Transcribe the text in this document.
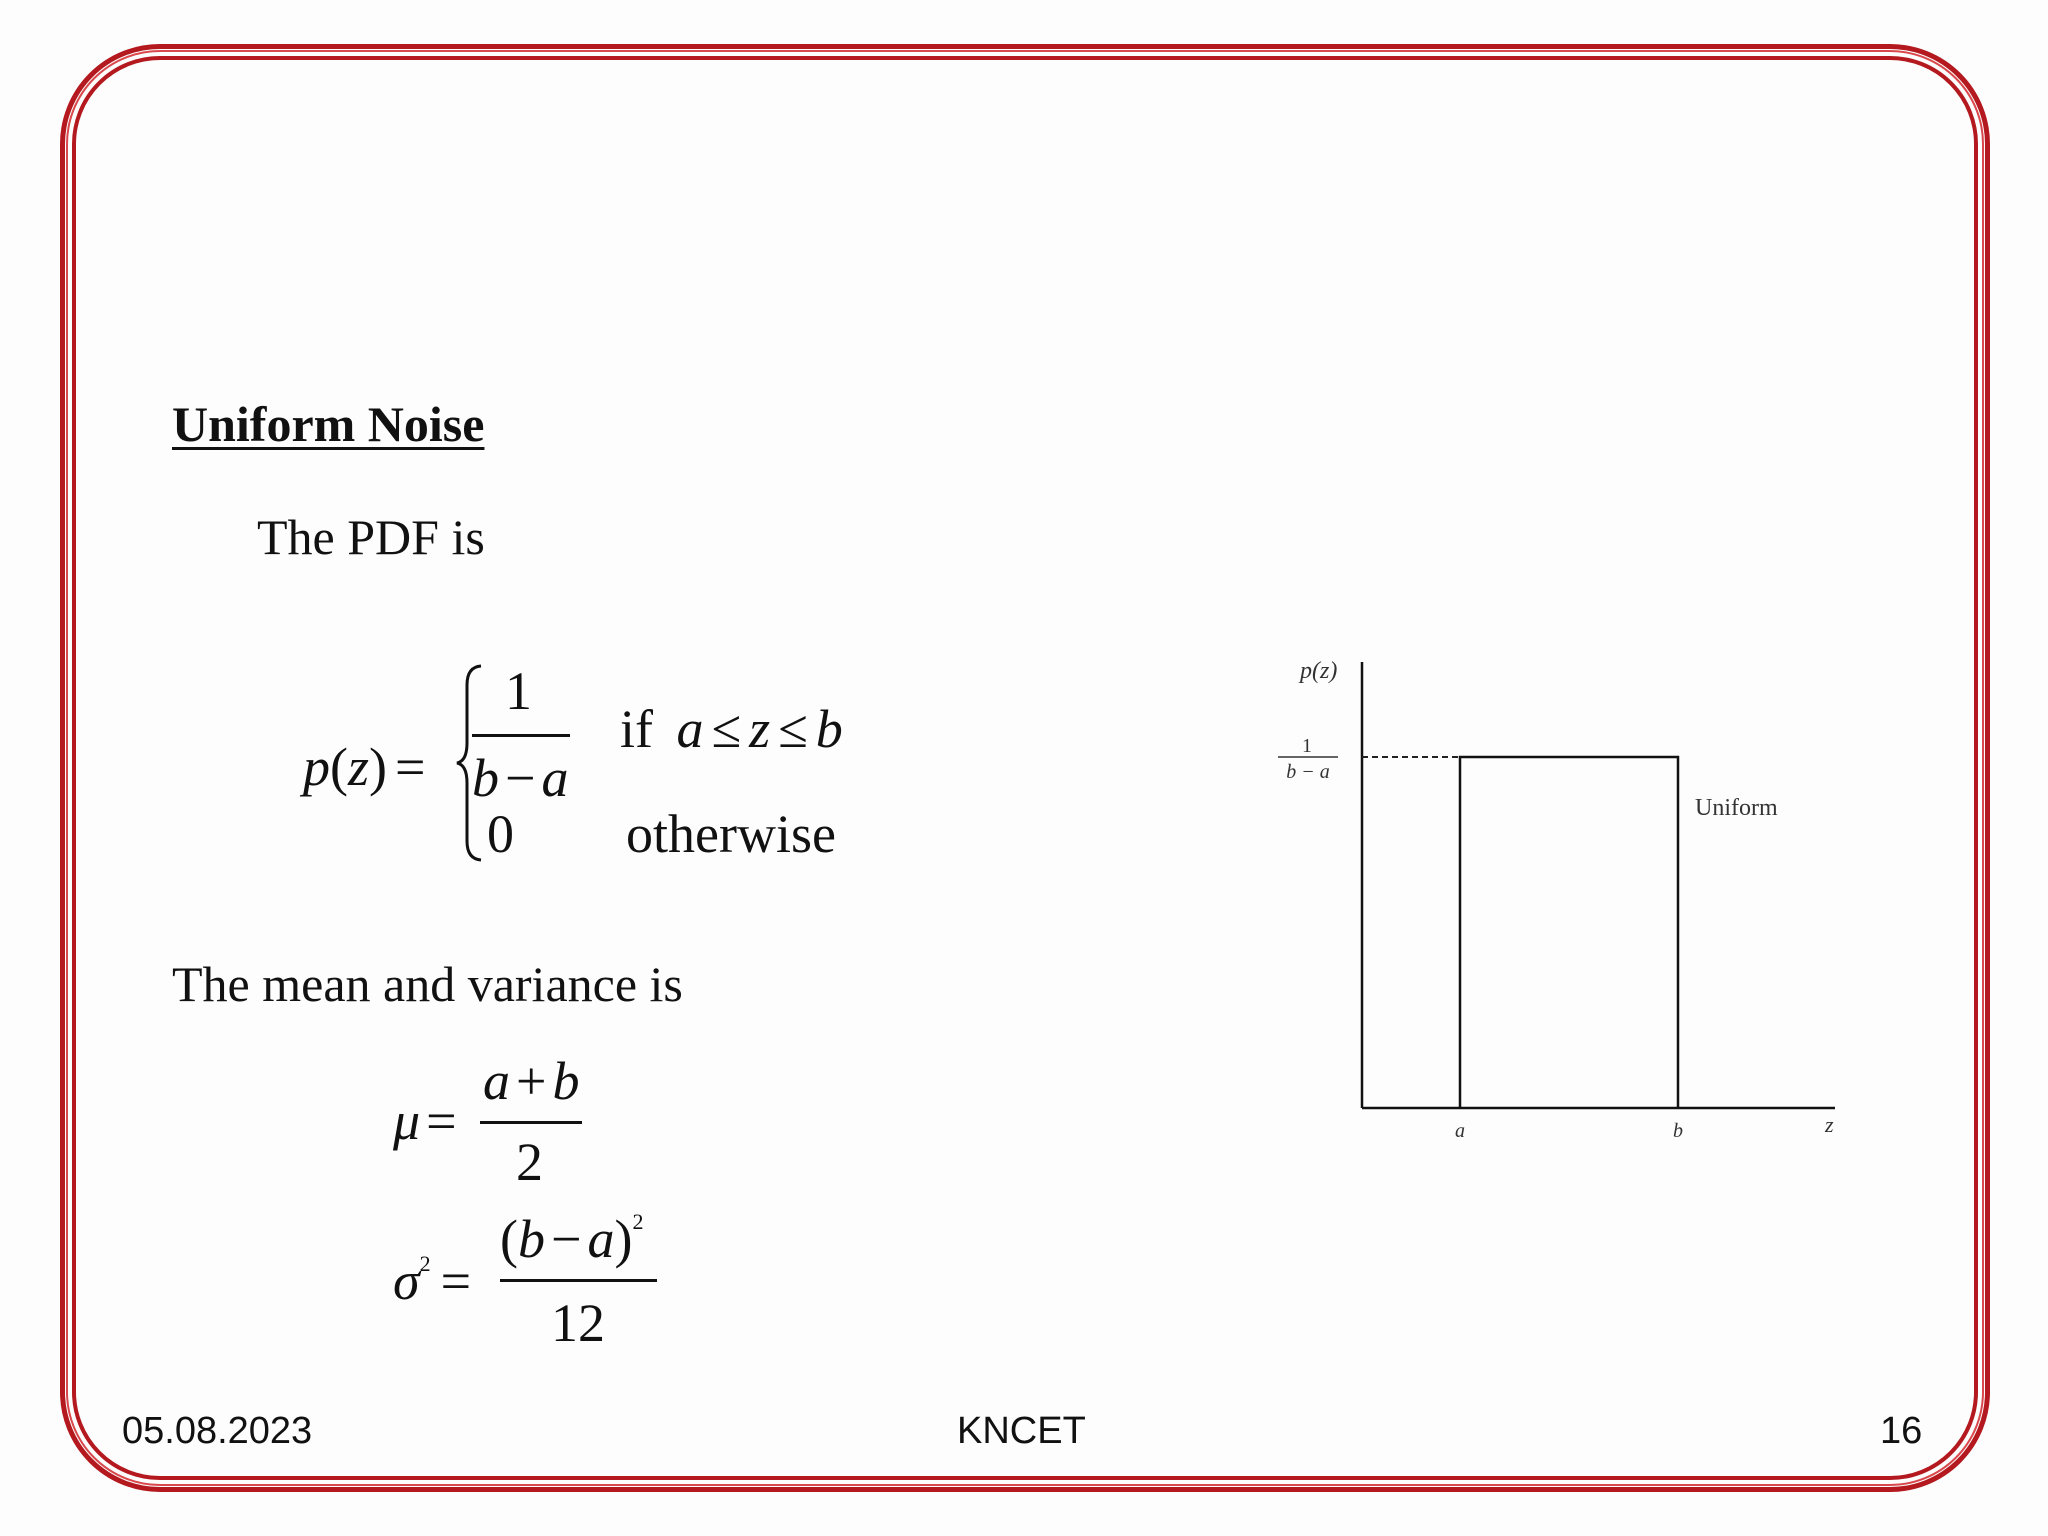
Uniform Noise
The PDF is
p(z) =
1
b − a
if a ≤ z ≤ b
0 otherwise
The mean and variance is
μ =
a + b
2
$\sigma^2$ =
$(b - a)^2$
12
p(z)
1
b − a
Uniform
a	b	z
05.08.2023	KNCET	16
